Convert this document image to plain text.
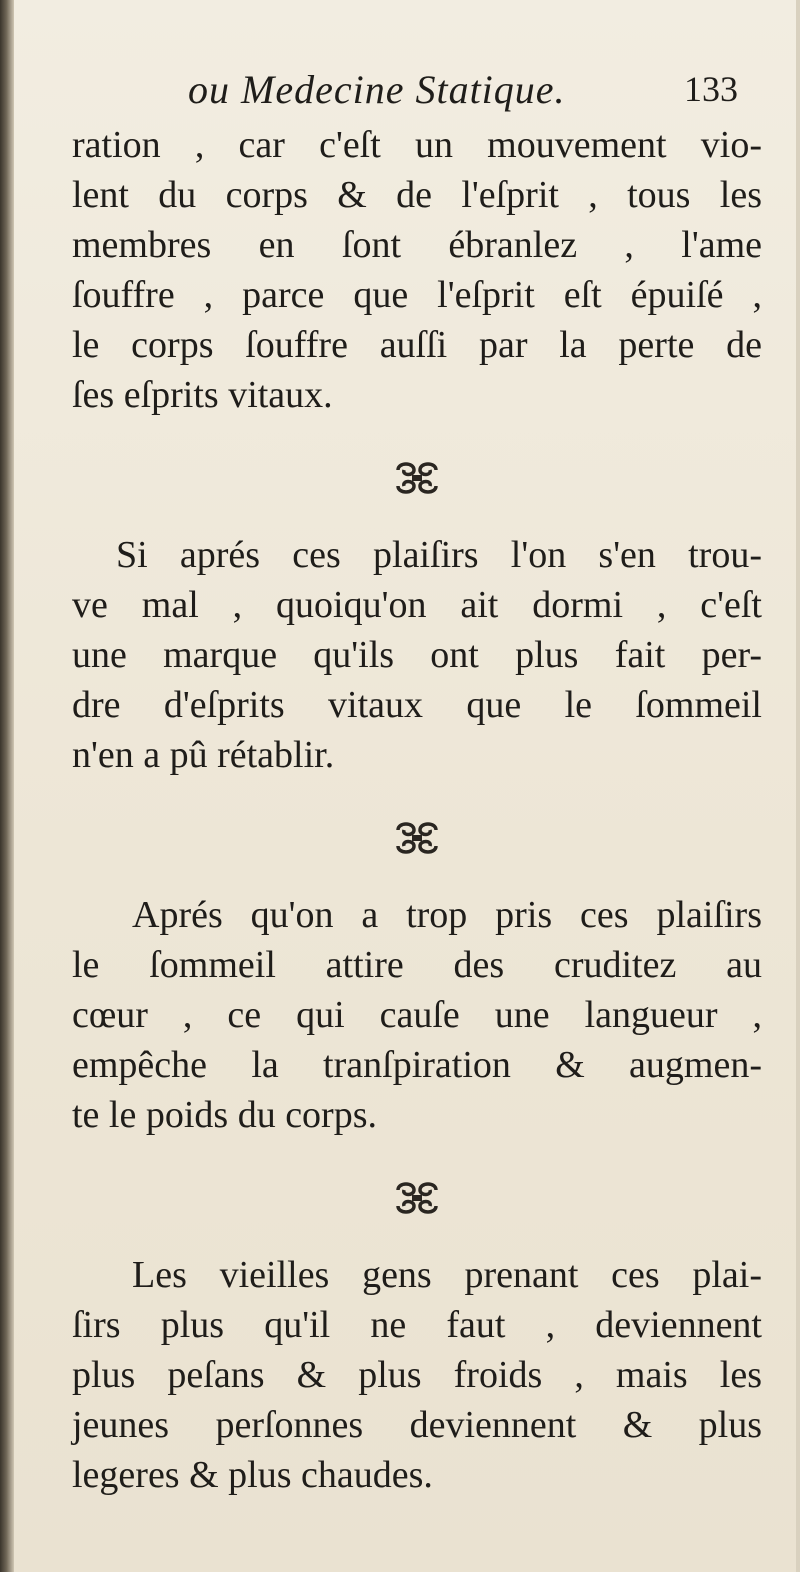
ou Medecine Statique.	133
ration , car c'eſt un mouvement vio-
lent du corps & de l'eſprit , tous les
membres en ſont ébranlez , l'ame
ſouffre , parce que l'eſprit eſt épuiſé ,
le corps ſouffre auſſi par la perte de
ſes eſprits vitaux.
Si aprés ces plaiſirs l'on s'en trou-
ve mal , quoiqu'on ait dormi , c'eſt
une marque qu'ils ont plus fait per-
dre d'eſprits vitaux que le ſommeil
n'en a pû rétablir.
Aprés qu'on a trop pris ces plaiſirs
le ſommeil attire des cruditez au
cœur , ce qui cauſe une langueur ,
empêche la tranſpiration & augmen-
te le poids du corps.
Les vieilles gens prenant ces plai-
ſirs plus qu'il ne faut , deviennent
plus peſans & plus froids , mais les
jeunes perſonnes deviennent & plus
legeres & plus chaudes.
